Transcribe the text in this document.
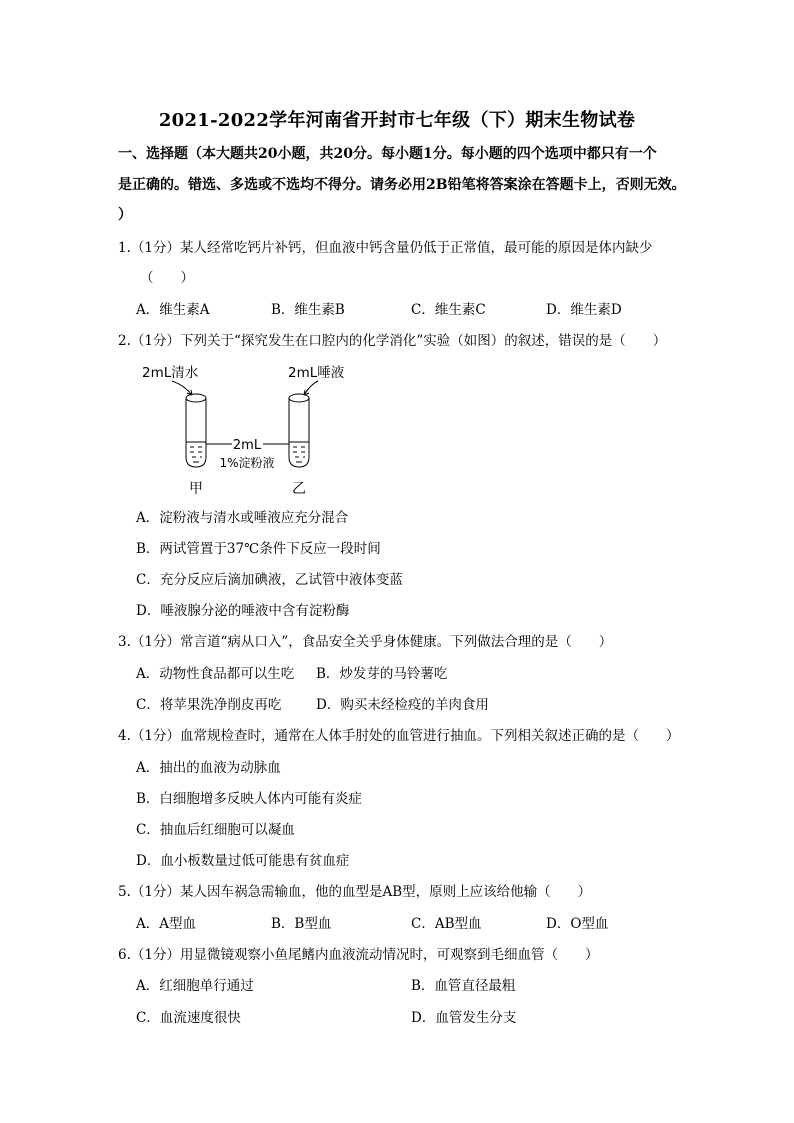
2021-2022学年河南省开封市七年级（下）期末生物试卷
一、选择题（本大题共20小题，共20分。每小题1分。每小题的四个选项中都只有一个
是正确的。错选、多选或不选均不得分。请务必用2B铅笔将答案涂在答题卡上，否则无效。
）
1.（1分）某人经常吃钙片补钙，但血液中钙含量仍低于正常值，最可能的原因是体内缺少
（　　）
A．维生素A	B．维生素B	C．维生素C	D．维生素D
2.（1分）下列关于“探究发生在口腔内的化学消化”实验（如图）的叙述，错误的是（　　）
2mL清水	2mL唾液
2mL
1%淀粉液
甲	乙
A．淀粉液与清水或唾液应充分混合
B．两试管置于37℃条件下反应一段时间
C．充分反应后滴加碘液，乙试管中液体变蓝
D．唾液腺分泌的唾液中含有淀粉酶
3.（1分）常言道“病从口入”，食品安全关乎身体健康。下列做法合理的是（　　）
A．动物性食品都可以生吃 B．炒发芽的马铃薯吃
C．将苹果洗净削皮再吃	D．购买未经检疫的羊肉食用
4.（1分）血常规检查时，通常在人体手肘处的血管进行抽血。下列相关叙述正确的是（　　）
A．抽出的血液为动脉血
B．白细胞增多反映人体内可能有炎症
C．抽血后红细胞可以凝血
D．血小板数量过低可能患有贫血症
5.（1分）某人因车祸急需输血，他的血型是AB型，原则上应该给他输（　　）
A．A型血	B．B型血	C．AB型血	D．O型血
6.（1分）用显微镜观察小鱼尾鳍内血液流动情况时，可观察到毛细血管（　　）
A．红细胞单行通过	B．血管直径最粗
C．血流速度很快	D．血管发生分支
